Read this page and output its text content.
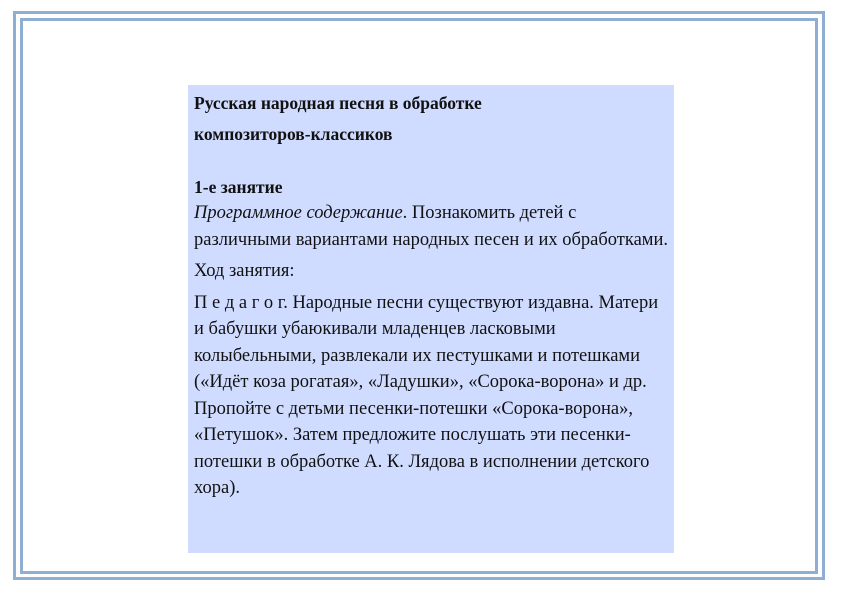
Русская народная песня в обработке
композиторов-классиков

1-е занятие

Программное содержание. Познакомить детей с различными вариантами народных песен и их обработками.

Ход занятия:

П е д а г о г. Народные песни существуют издавна. Матери и бабушки убаюкивали младенцев ласковыми колыбельными, развлекали их пестушками и потешками («Идёт коза рогатая», «Ладушки», «Сорока-ворона» и др. Пропойте с детьми песенки-потешки «Сорока-ворона», «Петушок». Затем предложите послушать эти песенки-потешки в обработке А. К. Лядова в исполнении детского хора).
